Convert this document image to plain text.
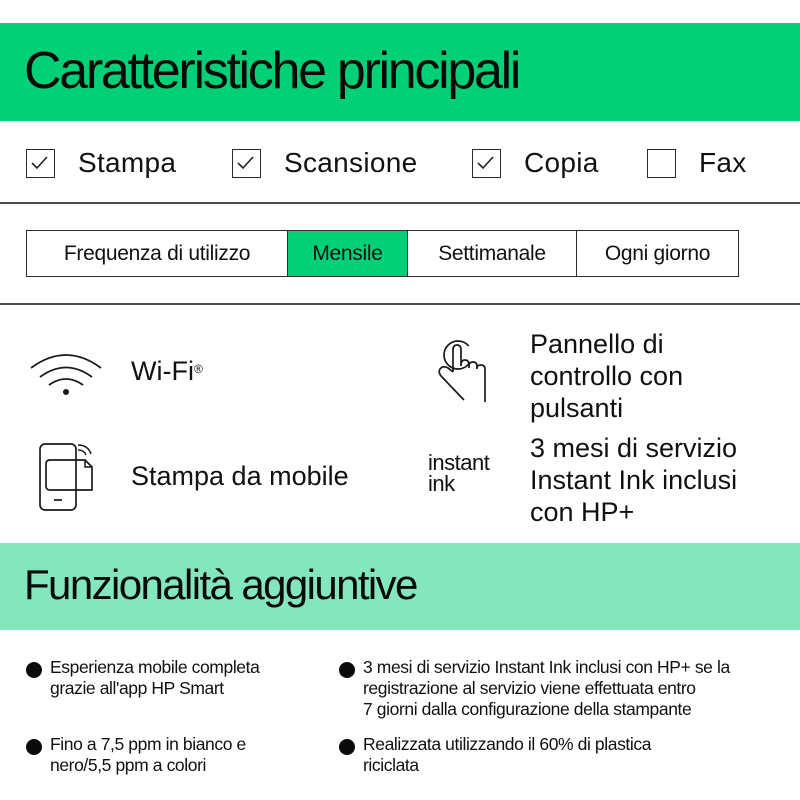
Caratteristiche principali
Stampa	Scansione	Copia	Fax
Frequenza di utilizzo	Mensile	Settimanale	Ogni giorno
Wi-Fi®
Pannello di
controllo con
pulsanti
Stampa da mobile	instant
ink
3 mesi di servizio
Instant Ink inclusi
con HP+
Funzionalità aggiuntive
Esperienza mobile completa
grazie all'app HP Smart
3 mesi di servizio Instant Ink inclusi con HP+ se la
registrazione al servizio viene effettuata entro
7 giorni dalla configurazione della stampante
Fino a 7,5 ppm in bianco e
nero/5,5 ppm a colori
Realizzata utilizzando il 60% di plastica
riciclata
